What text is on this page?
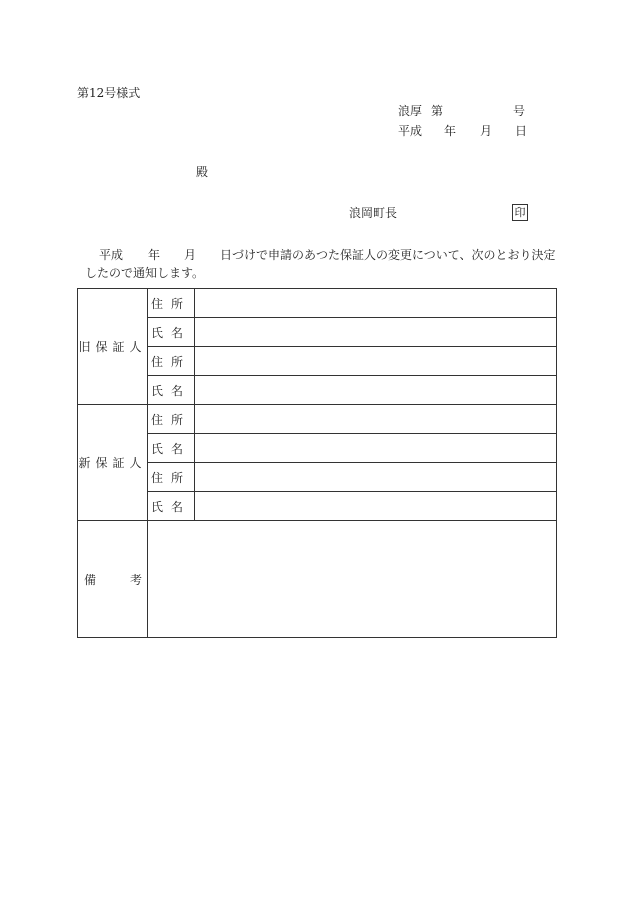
第12号様式
浪厚 第	号
平成 年 月 日
殿
浪岡町長	印
平成 年 月 日づけで申請のあつた保証人の変更について、次のとおり決定
したので通知します。
旧保証人	住所	
	氏名	
	住所	
	氏名	
新保証人	住所	
	氏名	
	住所	
	氏名	
備 考		
